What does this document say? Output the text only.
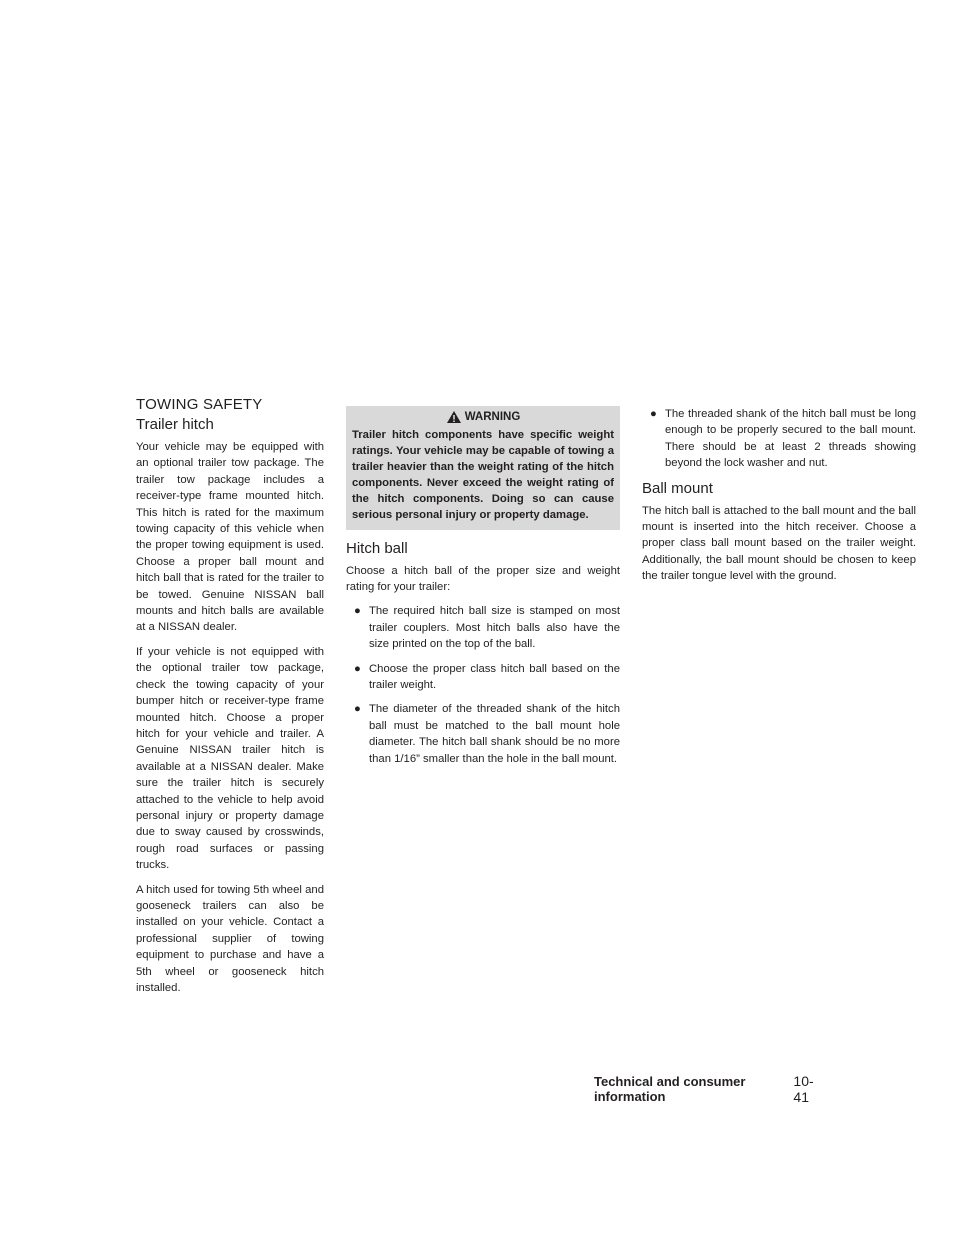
TOWING SAFETY
Trailer hitch

Your vehicle may be equipped with an optional trailer tow package. The trailer tow package includes a receiver-type frame mounted hitch. This hitch is rated for the maximum towing capacity of this vehicle when the proper towing equipment is used. Choose a proper ball mount and hitch ball that is rated for the trailer to be towed. Genuine NISSAN ball mounts and hitch balls are available at a NISSAN dealer.

If your vehicle is not equipped with the optional trailer tow package, check the towing capacity of your bumper hitch or receiver-type frame mounted hitch. Choose a proper hitch for your vehicle and trailer. A Genuine NISSAN trailer hitch is available at a NISSAN dealer. Make sure the trailer hitch is securely attached to the vehicle to help avoid personal injury or property damage due to sway caused by crosswinds, rough road surfaces or passing trucks.

A hitch used for towing 5th wheel and gooseneck trailers can also be installed on your vehicle. Contact a professional supplier of towing equipment to purchase and have a 5th wheel or gooseneck hitch installed.

WARNING
Trailer hitch components have specific weight ratings. Your vehicle may be capable of towing a trailer heavier than the weight rating of the hitch components. Never exceed the weight rating of the hitch components. Doing so can cause serious personal injury or property damage.
Hitch ball

Choose a hitch ball of the proper size and weight rating for your trailer:

● The required hitch ball size is stamped on most trailer couplers. Most hitch balls also have the size printed on the top of the ball.
● Choose the proper class hitch ball based on the trailer weight.
● The diameter of the threaded shank of the hitch ball must be matched to the ball mount hole diameter. The hitch ball shank should be no more than 1/16” smaller than the hole in the ball mount.
● The threaded shank of the hitch ball must be long enough to be properly secured to the ball mount. There should be at least 2 threads showing beyond the lock washer and nut.
Ball mount

The hitch ball is attached to the ball mount and the ball mount is inserted into the hitch receiver. Choose a proper class ball mount based on the trailer weight. Additionally, the ball mount should be chosen to keep the trailer tongue level with the ground.

Technical and consumer information
10-41
